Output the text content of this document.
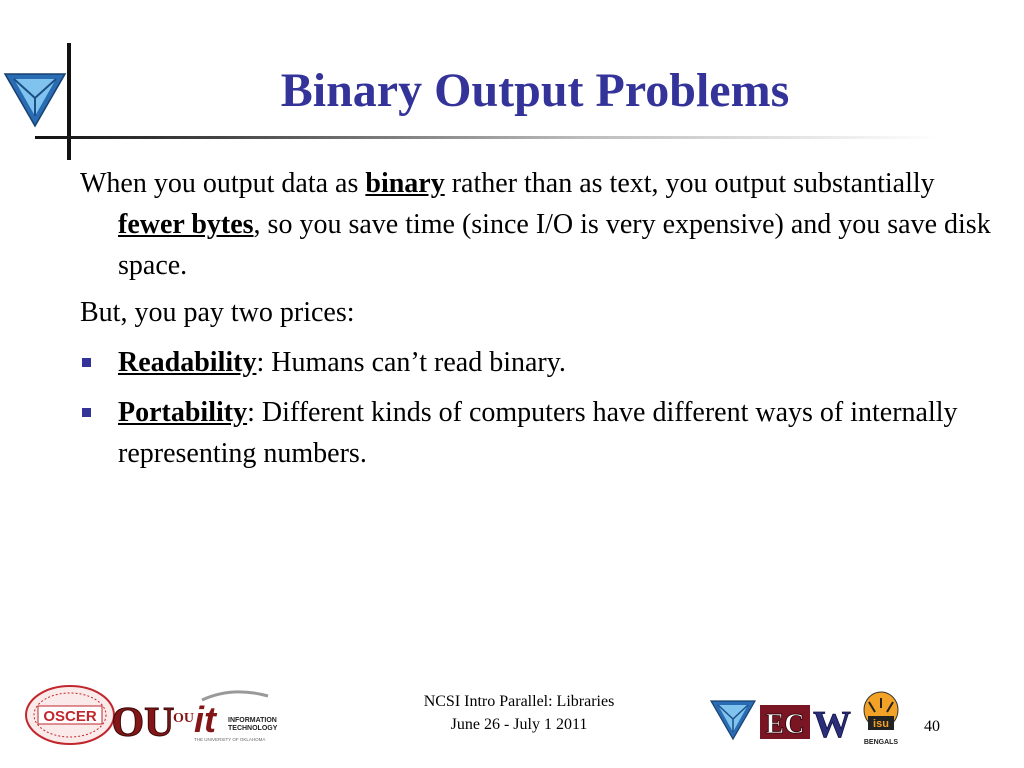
Binary Output Problems
When you output data as binary rather than as text, you output substantially fewer bytes, so you save time (since I/O is very expensive) and you save disk space.
But, you pay two prices:
Readability: Humans can’t read binary.
Portability: Different kinds of computers have different ways of internally representing numbers.
OSCER OU
OU it INFORMATION
TECHNOLOGY
THE UNIVERSITY OF OKLAHOMA
NCSI Intro Parallel: Libraries
June 26 - July 1 2011	EC W isu
BENGALS
40
